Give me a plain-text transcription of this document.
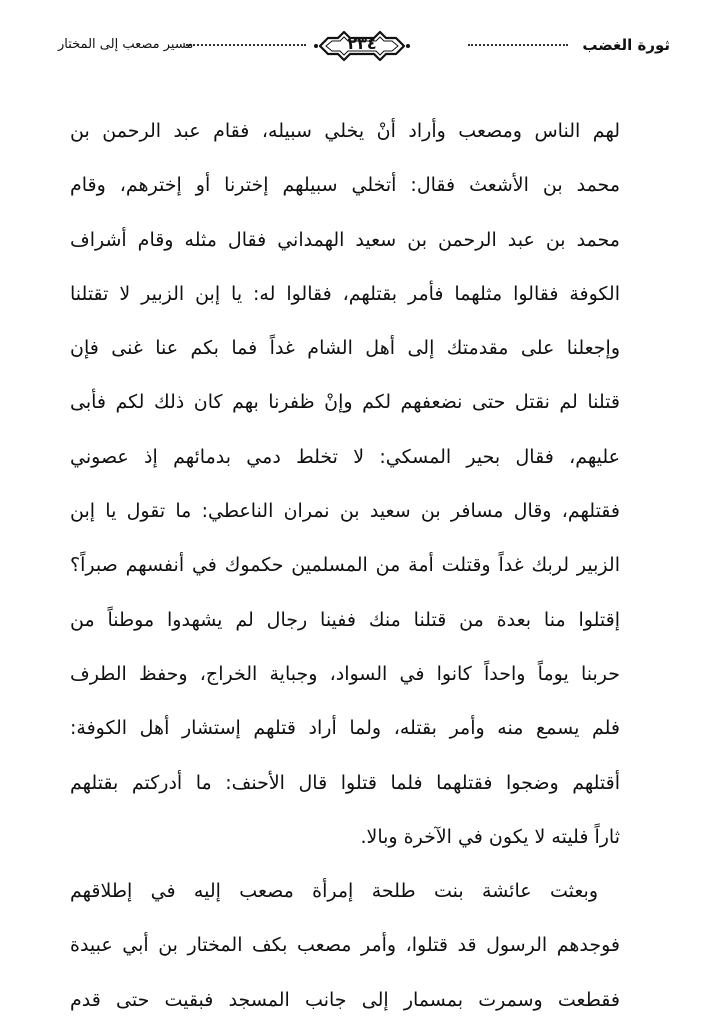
ثورة الغضب
٢٣٤
مسير مصعب إلى المختار
لهم الناس ومصعب وأراد أنْ يخلي سبيله، فقام عبد الرحمن بن
محمد بن الأشعث فقال: أتخلي سبيلهم إخترنا أو إخترهم، وقام
محمد بن عبد الرحمن بن سعيد الهمداني فقال مثله وقام أشراف
الكوفة فقالوا مثلهما فأمر بقتلهم، فقالوا له: يا إبن الزبير لا تقتلنا
وإجعلنا على مقدمتك إلى أهل الشام غداً فما بكم عنا غنى فإن
قتلنا لم نقتل حتى نضعفهم لكم وإنْ ظفرنا بهم كان ذلك لكم فأبى
عليهم، فقال بحير المسكي: لا تخلط دمي بدمائهم إذ عصوني
فقتلهم، وقال مسافر بن سعيد بن نمران الناعطي: ما تقول يا إبن
الزبير لربك غداً وقتلت أمة من المسلمين حكموك في أنفسهم صبراً؟
إقتلوا منا بعدة من قتلنا منك ففينا رجال لم يشهدوا موطناً من
حربنا يوماً واحداً كانوا في السواد، وجباية الخراج، وحفظ الطرف
فلم يسمع منه وأمر بقتله، ولما أراد قتلهم إستشار أهل الكوفة:
أقتلهم وضجوا فقتلهما فلما قتلوا قال الأحنف: ما أدركتم بقتلهم
ثاراً فليته لا يكون في الآخرة وبالا.
وبعثت عائشة بنت طلحة إمرأة مصعب إليه في إطلاقهم
فوجدهم الرسول قد قتلوا، وأمر مصعب بكف المختار بن أبي عبيدة
فقطعت وسمرت بمسمار إلى جانب المسجد فبقيت حتى قدم
